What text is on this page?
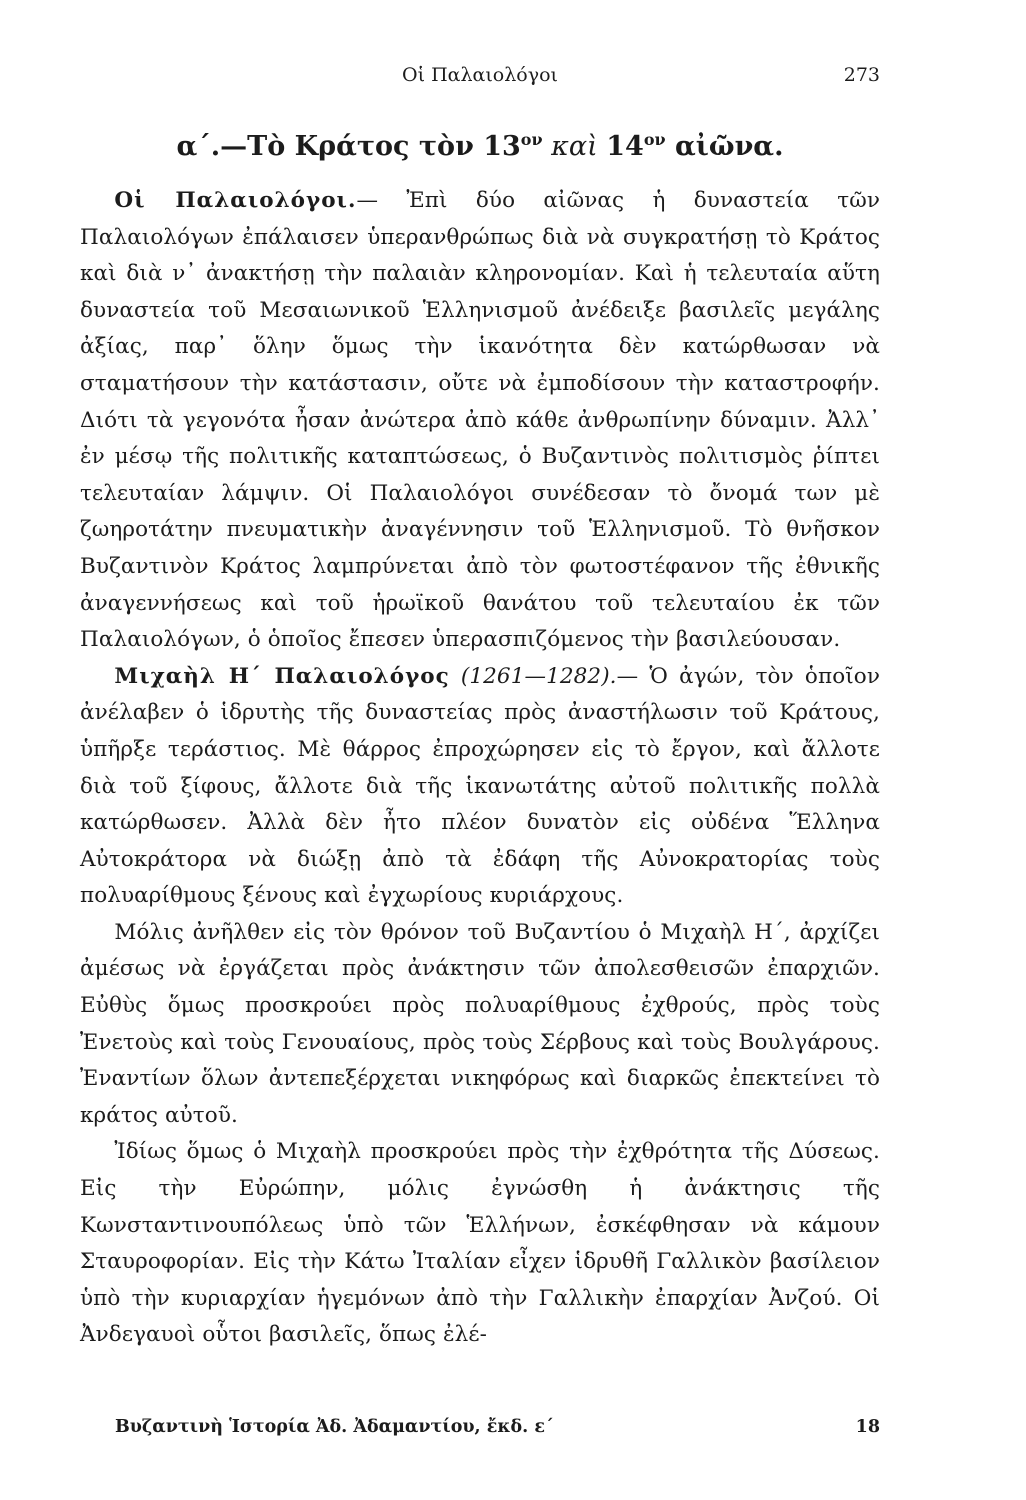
Οἱ Παλαιολόγοι	273
α΄.—Τὸ Κράτος τὸν $13^{o\nu}$ καὶ $14^{o\nu}$ αἰῶνα.

Οἱ Παλαιολόγοι.— Ἐπὶ δύο αἰῶνας ἡ δυναστεία τῶν Παλαιολόγων ἐπάλαισεν ὑπερανθρώπως διὰ νὰ συγκρατήσῃ τὸ Κράτος καὶ διὰ ν᾽ ἀνακτήσῃ τὴν παλαιὰν κληρονομίαν. Καὶ ἡ τελευταία αὕτη δυναστεία τοῦ Μεσαιωνικοῦ Ἑλληνισμοῦ ἀνέδειξε βασιλεῖς μεγάλης ἀξίας, παρ᾽ ὅλην ὅμως τὴν ἱκανότητα δὲν κατώρθωσαν νὰ σταματήσουν τὴν κατάστασιν, οὔτε νὰ ἐμποδίσουν τὴν καταστροφήν. Διότι τὰ γεγονότα ἦσαν ἀνώτερα ἀπὸ κάθε ἀνθρωπίνην δύναμιν. Ἀλλ᾽ ἐν μέσῳ τῆς πολιτικῆς καταπτώσεως, ὁ Βυζαντινὸς πολιτισμὸς ῥίπτει τελευταίαν λάμψιν. Οἱ Παλαιολόγοι συνέδεσαν τὸ ὄνομά των μὲ ζωηροτάτην πνευματικὴν ἀναγέννησιν τοῦ Ἑλληνισμοῦ. Τὸ θνῆσκον Βυζαντινὸν Κράτος λαμπρύνεται ἀπὸ τὸν φωτοστέφανον τῆς ἐθνικῆς ἀναγεννήσεως καὶ τοῦ ἡρωϊκοῦ θανάτου τοῦ τελευταίου ἐκ τῶν Παλαιολόγων, ὁ ὁποῖος ἔπεσεν ὑπερασπιζόμενος τὴν βασιλεύουσαν.

Μιχαὴλ Η΄ Παλαιολόγος (1261—1282).— Ὁ ἀγών, τὸν ὁποῖον ἀνέλαβεν ὁ ἱδρυτὴς τῆς δυναστείας πρὸς ἀναστήλωσιν τοῦ Κράτους, ὑπῆρξε τεράστιος. Μὲ θάρρος ἐπροχώρησεν εἰς τὸ ἔργον, καὶ ἄλλοτε διὰ τοῦ ξίφους, ἄλλοτε διὰ τῆς ἱκανωτάτης αὐτοῦ πολιτικῆς πολλὰ κατώρθωσεν. Ἀλλὰ δὲν ἦτο πλέον δυνατὸν εἰς οὐδένα Ἕλληνα Αὐτοκράτορα νὰ διώξῃ ἀπὸ τὰ ἐδάφη τῆς Αὐνοκρατορίας τοὺς πολυαρίθμους ξένους καὶ ἐγχωρίους κυριάρχους.

Μόλις ἀνῆλθεν εἰς τὸν θρόνον τοῦ Βυζαντίου ὁ Μιχαὴλ Η΄, ἀρχίζει ἀμέσως νὰ ἐργάζεται πρὸς ἀνάκτησιν τῶν ἀπολεσθεισῶν ἐπαρχιῶν. Εὐθὺς ὅμως προσκρούει πρὸς πολυαρίθμους ἐχθρούς, πρὸς τοὺς Ἐνετοὺς καὶ τοὺς Γενουαίους, πρὸς τοὺς Σέρβους καὶ τοὺς Βουλγάρους. Ἐναντίων ὅλων ἀντεπεξέρχεται νικηφόρως καὶ διαρκῶς ἐπεκτείνει τὸ κράτος αὐτοῦ.

Ἰδίως ὅμως ὁ Μιχαὴλ προσκρούει πρὸς τὴν ἐχθρότητα τῆς Δύσεως. Εἰς τὴν Εὐρώπην, μόλις ἐγνώσθη ἡ ἀνάκτησις τῆς Κωνσταντινουπόλεως ὑπὸ τῶν Ἑλλήνων, ἐσκέφθησαν νὰ κάμουν Σταυροφορίαν. Εἰς τὴν Κάτω Ἰταλίαν εἶχεν ἱδρυθῆ Γαλλικὸν βασίλειον ὑπὸ τὴν κυριαρχίαν ἡγεμόνων ἀπὸ τὴν Γαλλικὴν ἐπαρχίαν Ἀνζού. Οἱ Ἀνδεγαυοὶ οὗτοι βασιλεῖς, ὅπως ἐλέ-

Βυζαντινὴ Ἱστορία Ἀδ. Ἀδαμαντίου, ἔκδ. ε΄	18
